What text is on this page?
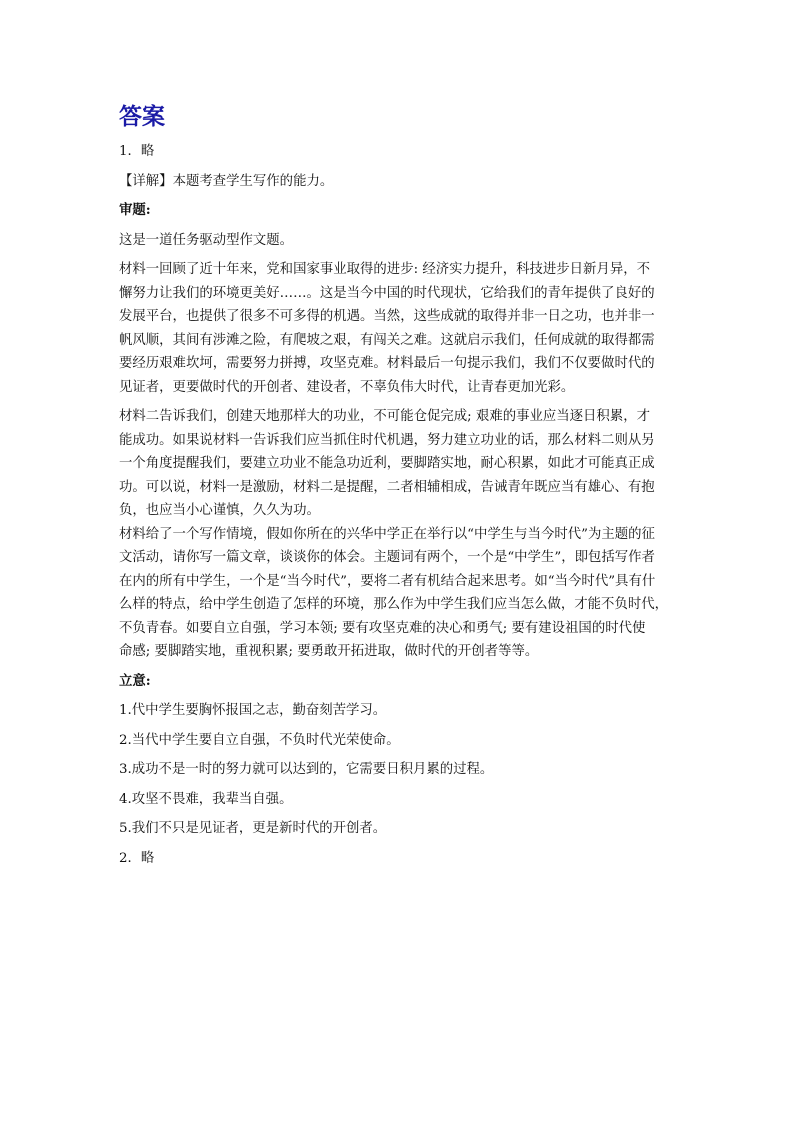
答案

1．略

【详解】本题考查学生写作的能力。

审题:

这是一道任务驱动型作文题。

材料一回顾了近十年来，党和国家事业取得的进步: 经济实力提升，科技进步日新月异，不

懈努力让我们的环境更美好……。这是当今中国的时代现状，它给我们的青年提供了良好的

发展平台，也提供了很多不可多得的机遇。当然，这些成就的取得并非一日之功，也并非一

帆风顺，其间有涉滩之险，有爬坡之艰，有闯关之难。这就启示我们，任何成就的取得都需

要经历艰难坎坷，需要努力拼搏，攻坚克难。材料最后一句提示我们，我们不仅要做时代的

见证者，更要做时代的开创者、建设者，不辜负伟大时代，让青春更加光彩。

材料二告诉我们，创建天地那样大的功业，不可能仓促完成; 艰难的事业应当逐日积累，才

能成功。如果说材料一告诉我们应当抓住时代机遇，努力建立功业的话，那么材料二则从另

一个角度提醒我们，要建立功业不能急功近利，要脚踏实地，耐心积累，如此才可能真正成

功。可以说，材料一是激励，材料二是提醒，二者相辅相成，告诫青年既应当有雄心、有抱

负，也应当小心谨慎，久久为功。

材料给了一个写作情境，假如你所在的兴华中学正在举行以“中学生与当今时代”为主题的征

文活动，请你写一篇文章，谈谈你的体会。主题词有两个，一个是“中学生”，即包括写作者

在内的所有中学生，一个是“当今时代”，要将二者有机结合起来思考。如“当今时代”具有什

么样的特点，给中学生创造了怎样的环境，那么作为中学生我们应当怎么做，才能不负时代，

不负青春。如要自立自强，学习本领; 要有攻坚克难的决心和勇气; 要有建设祖国的时代使

命感; 要脚踏实地，重视积累; 要勇敢开拓进取，做时代的开创者等等。

立意:

1.代中学生要胸怀报国之志，勤奋刻苦学习。

2.当代中学生要自立自强，不负时代光荣使命。

3.成功不是一时的努力就可以达到的，它需要日积月累的过程。

4.攻坚不畏难，我辈当自强。

5.我们不只是见证者，更是新时代的开创者。

2．略
